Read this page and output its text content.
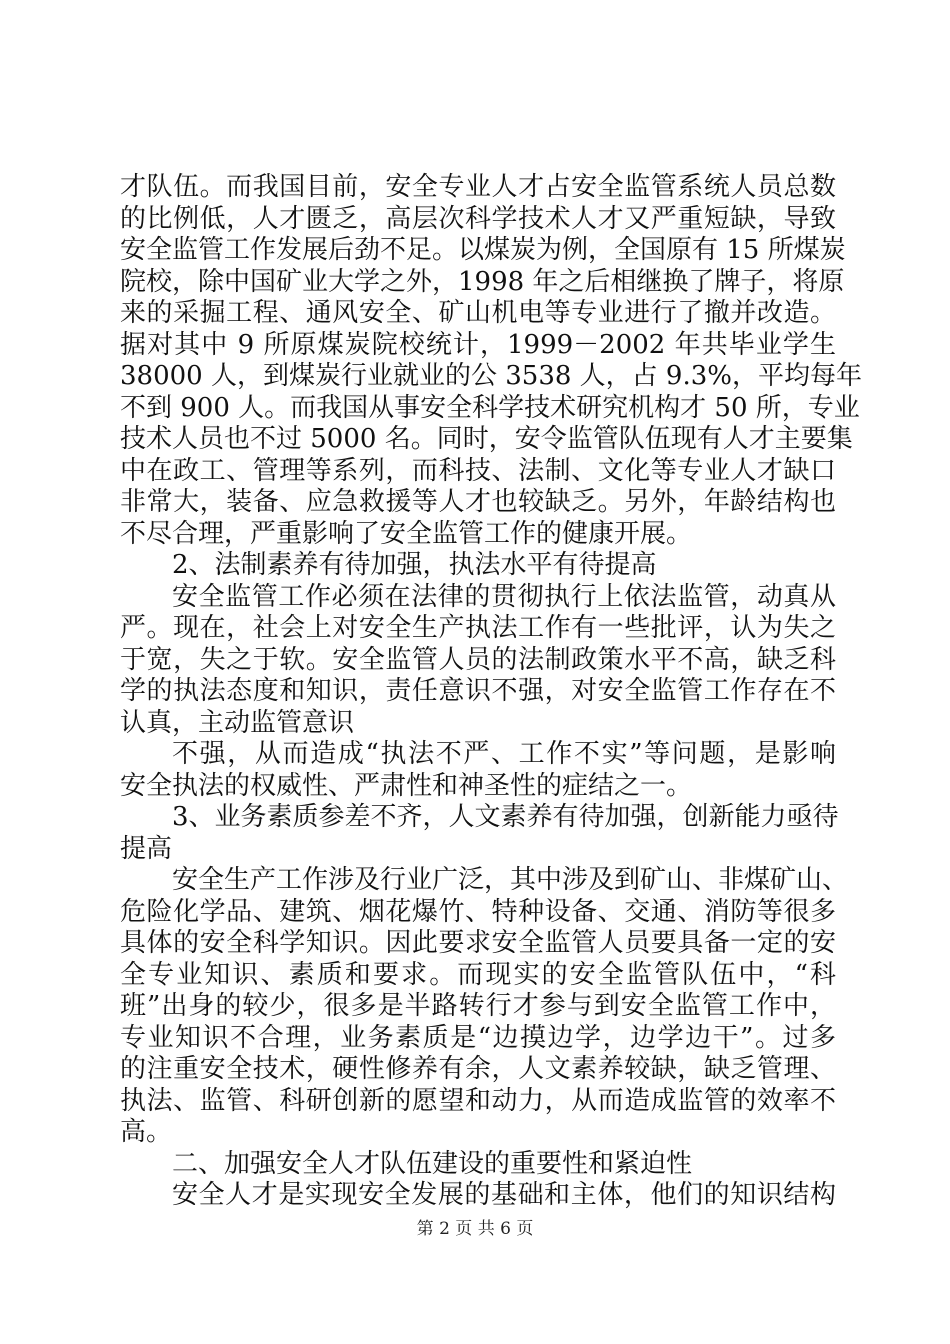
才队伍。而我国目前，安全专业人才占安全监管系统人员总数
的比例低，人才匮乏，高层次科学技术人才又严重短缺，导致
安全监管工作发展后劲不足。以煤炭为例，全国原有 15 所煤炭
院校，除中国矿业大学之外，1998 年之后相继换了牌子，将原
来的采掘工程、通风安全、矿山机电等专业进行了撤并改造。
据对其中 9 所原煤炭院校统计，1999－2002 年共毕业学生
38000 人，到煤炭行业就业的公 3538 人，占 9.3%，平均每年
不到 900 人。而我国从事安全科学技术研究机构才 50 所，专业
技术人员也不过 5000 名。同时，安令监管队伍现有人才主要集
中在政工、管理等系列，而科技、法制、文化等专业人才缺口
非常大，装备、应急救援等人才也较缺乏。另外，年龄结构也
不尽合理，严重影响了安全监管工作的健康开展。
2、法制素养有待加强，执法水平有待提高
安全监管工作必须在法律的贯彻执行上依法监管，动真从
严。现在，社会上对安全生产执法工作有一些批评，认为失之
于宽，失之于软。安全监管人员的法制政策水平不高，缺乏科
学的执法态度和知识，责任意识不强，对安全监管工作存在不
认真，主动监管意识
不强，从而造成“执法不严、工作不实”等问题，是影响
安全执法的权威性、严肃性和神圣性的症结之一。
3、业务素质参差不齐，人文素养有待加强，创新能力亟待
提高
安全生产工作涉及行业广泛，其中涉及到矿山、非煤矿山、
危险化学品、建筑、烟花爆竹、特种设备、交通、消防等很多
具体的安全科学知识。因此要求安全监管人员要具备一定的安
全专业知识、素质和要求。而现实的安全监管队伍中，“科
班”出身的较少，很多是半路转行才参与到安全监管工作中，
专业知识不合理，业务素质是“边摸边学，边学边干”。过多
的注重安全技术，硬性修养有余，人文素养较缺，缺乏管理、
执法、监管、科研创新的愿望和动力，从而造成监管的效率不
高。
二、加强安全人才队伍建设的重要性和紧迫性
安全人才是实现安全发展的基础和主体，他们的知识结构
第 2 页 共 6 页
